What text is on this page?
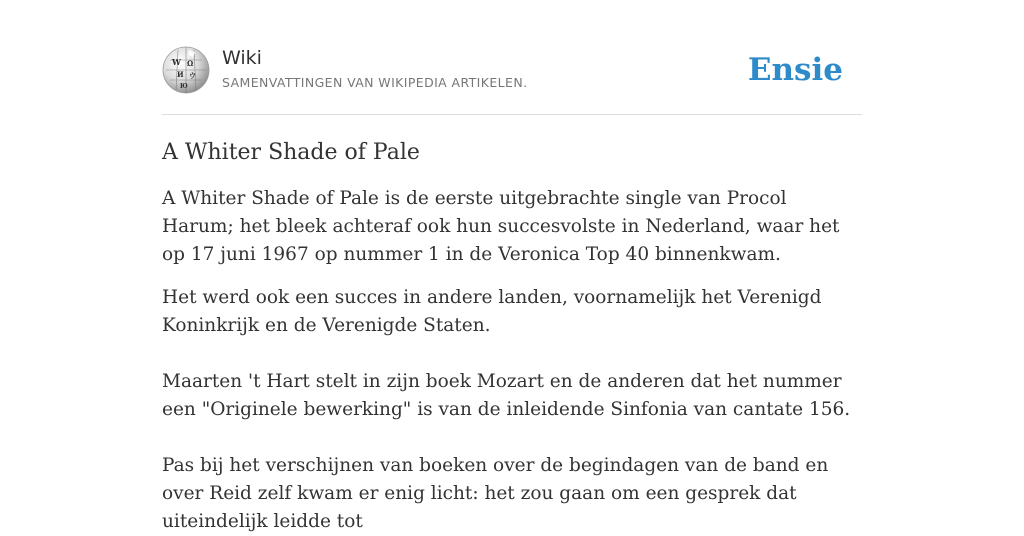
W Ω
И ウ
Ю
Wiki
SAMENVATTINGEN VAN WIKIPEDIA ARTIKELEN.	Ensie
A Whiter Shade of Pale

A Whiter Shade of Pale is de eerste uitgebrachte single van Procol Harum; het bleek achteraf ook hun succesvolste in Nederland, waar het op 17 juni 1967 op nummer 1 in de Veronica Top 40 binnenkwam.

Het werd ook een succes in andere landen, voornamelijk het Verenigd Koninkrijk en de Verenigde Staten.

Maarten 't Hart stelt in zijn boek Mozart en de anderen dat het nummer een "Originele bewerking" is van de inleidende Sinfonia van cantate 156.

Pas bij het verschijnen van boeken over de begindagen van de band en over Reid zelf kwam er enig licht: het zou gaan om een gesprek dat uiteindelijk leidde tot
